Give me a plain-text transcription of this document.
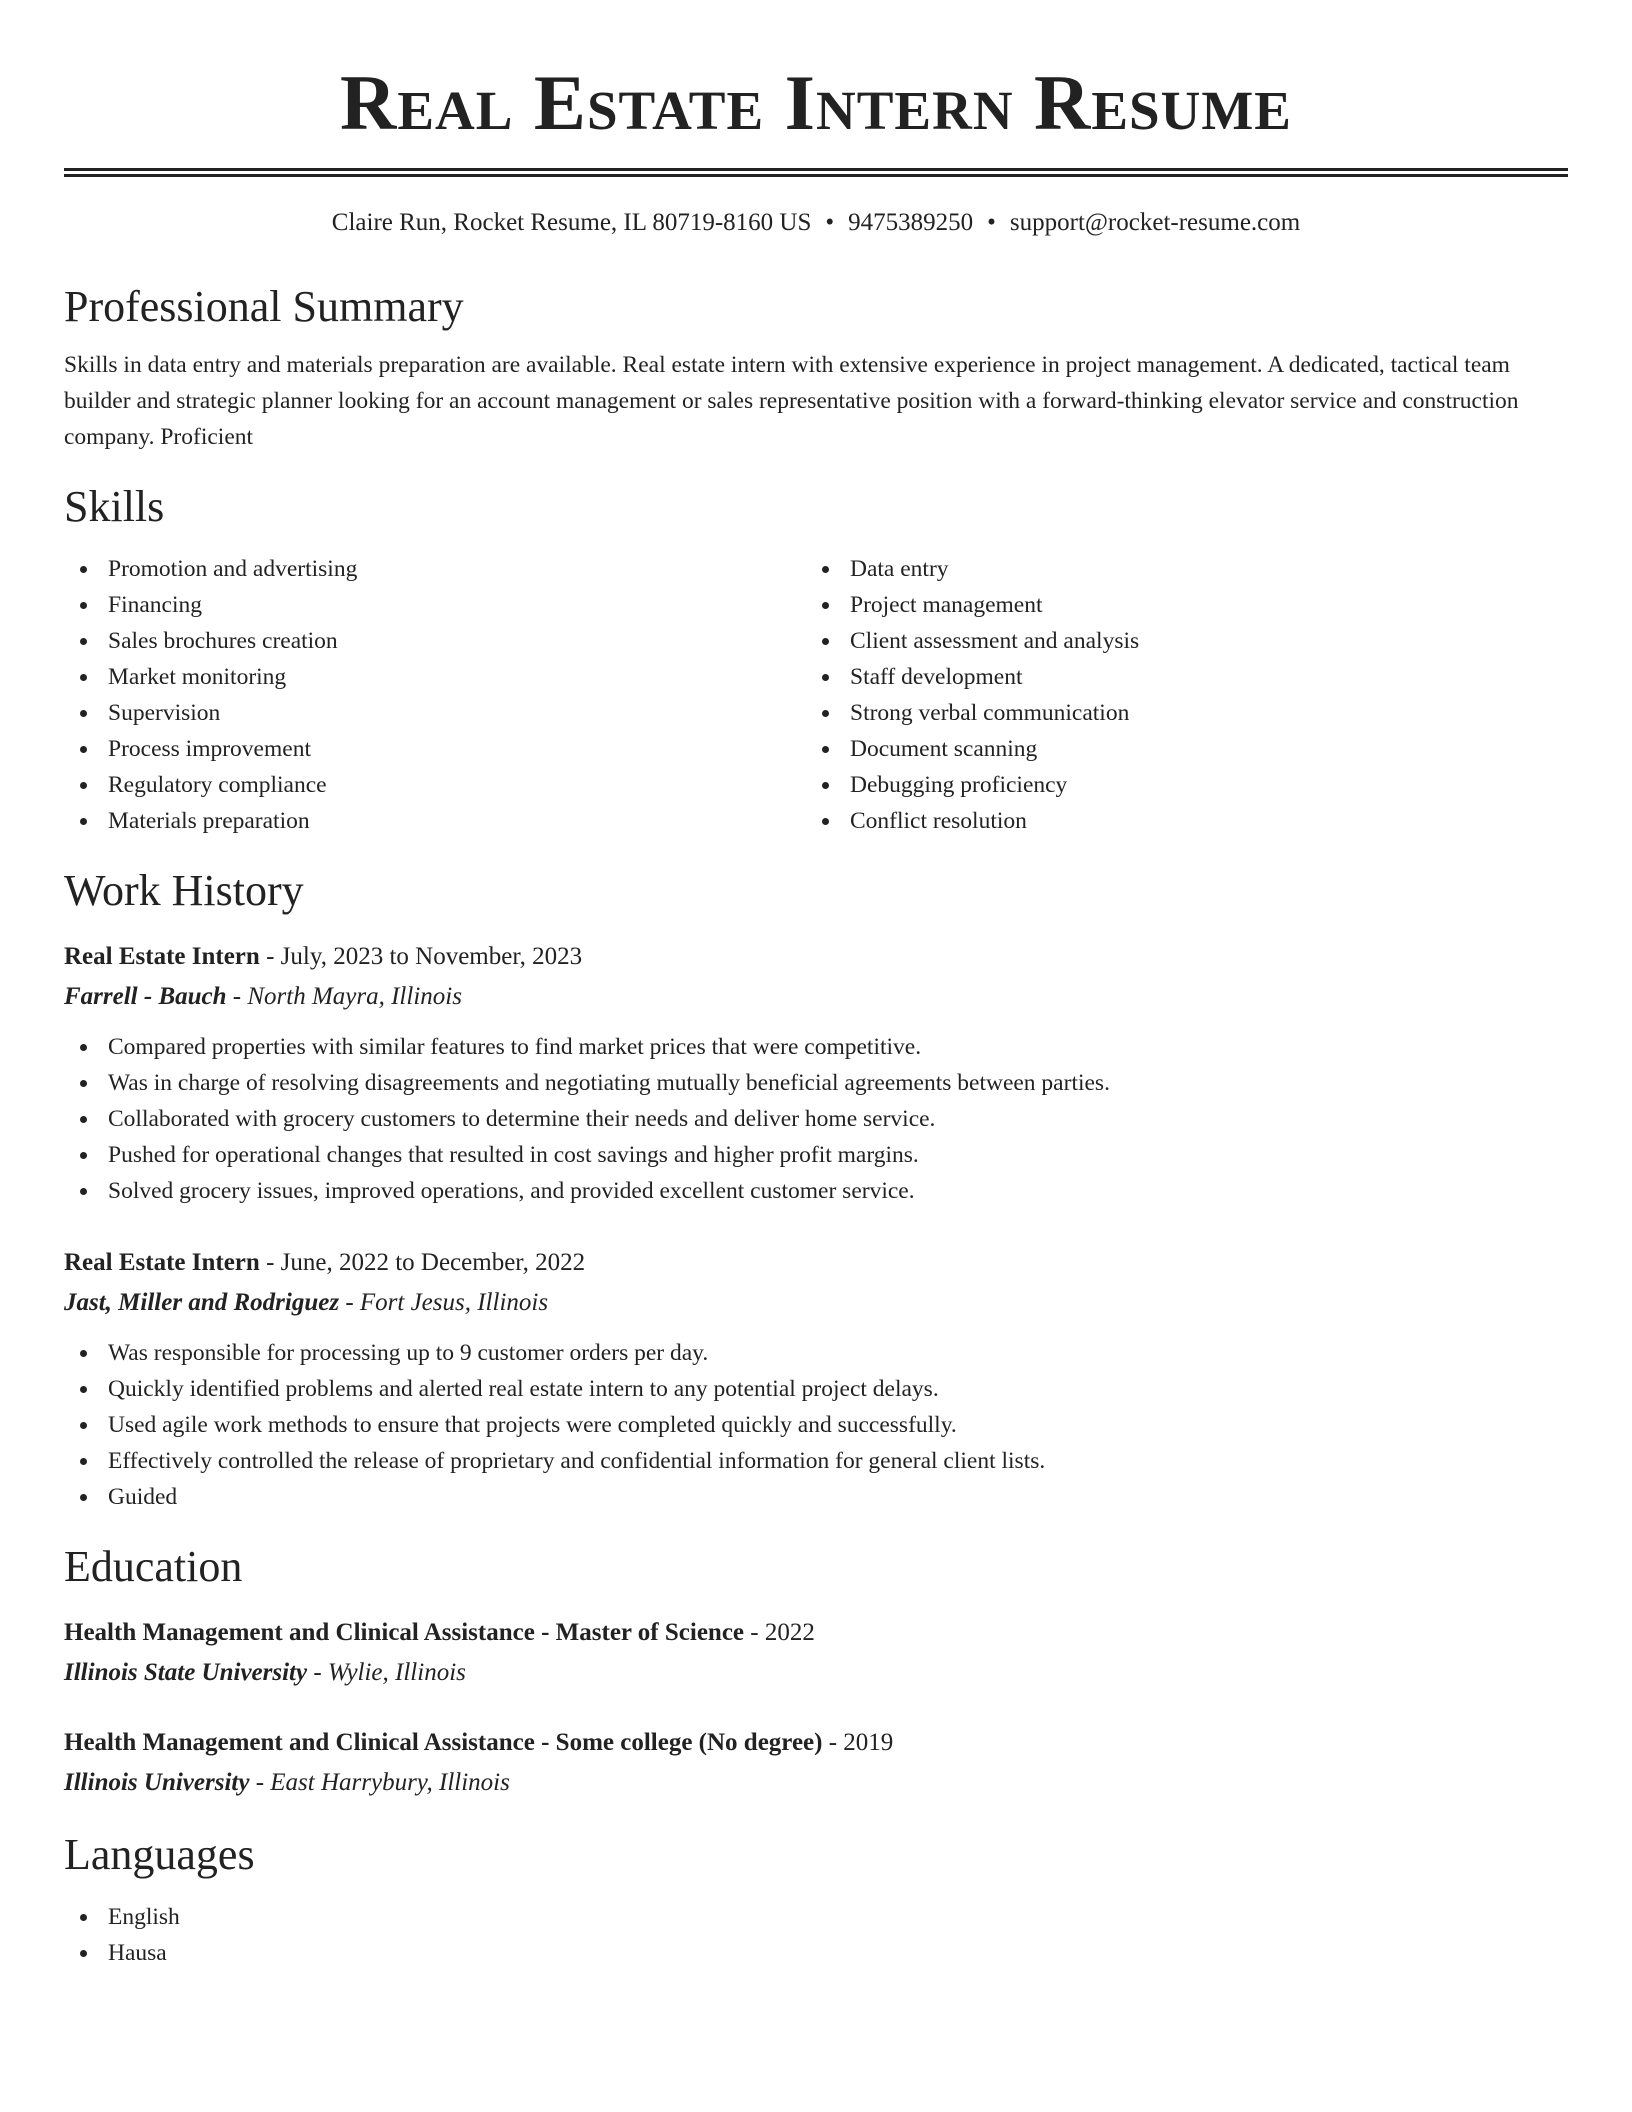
Real Estate Intern Resume
Claire Run, Rocket Resume, IL 80719-8160 US • 9475389250 • support@rocket-resume.com
Professional Summary
Skills in data entry and materials preparation are available. Real estate intern with extensive experience in project management. A dedicated, tactical team builder and strategic planner looking for an account management or sales representative position with a forward-thinking elevator service and construction company. Proficient
Skills
Promotion and advertising
Financing
Sales brochures creation
Market monitoring
Supervision
Process improvement
Regulatory compliance
Materials preparation
Data entry
Project management
Client assessment and analysis
Staff development
Strong verbal communication
Document scanning
Debugging proficiency
Conflict resolution
Work History
Real Estate Intern - July, 2023 to November, 2023
Farrell - Bauch - North Mayra, Illinois
Compared properties with similar features to find market prices that were competitive.
Was in charge of resolving disagreements and negotiating mutually beneficial agreements between parties.
Collaborated with grocery customers to determine their needs and deliver home service.
Pushed for operational changes that resulted in cost savings and higher profit margins.
Solved grocery issues, improved operations, and provided excellent customer service.
Real Estate Intern - June, 2022 to December, 2022
Jast, Miller and Rodriguez - Fort Jesus, Illinois
Was responsible for processing up to 9 customer orders per day.
Quickly identified problems and alerted real estate intern to any potential project delays.
Used agile work methods to ensure that projects were completed quickly and successfully.
Effectively controlled the release of proprietary and confidential information for general client lists.
Guided
Education
Health Management and Clinical Assistance - Master of Science - 2022
Illinois State University - Wylie, Illinois
Health Management and Clinical Assistance - Some college (No degree) - 2019
Illinois University - East Harrybury, Illinois
Languages
English
Hausa
